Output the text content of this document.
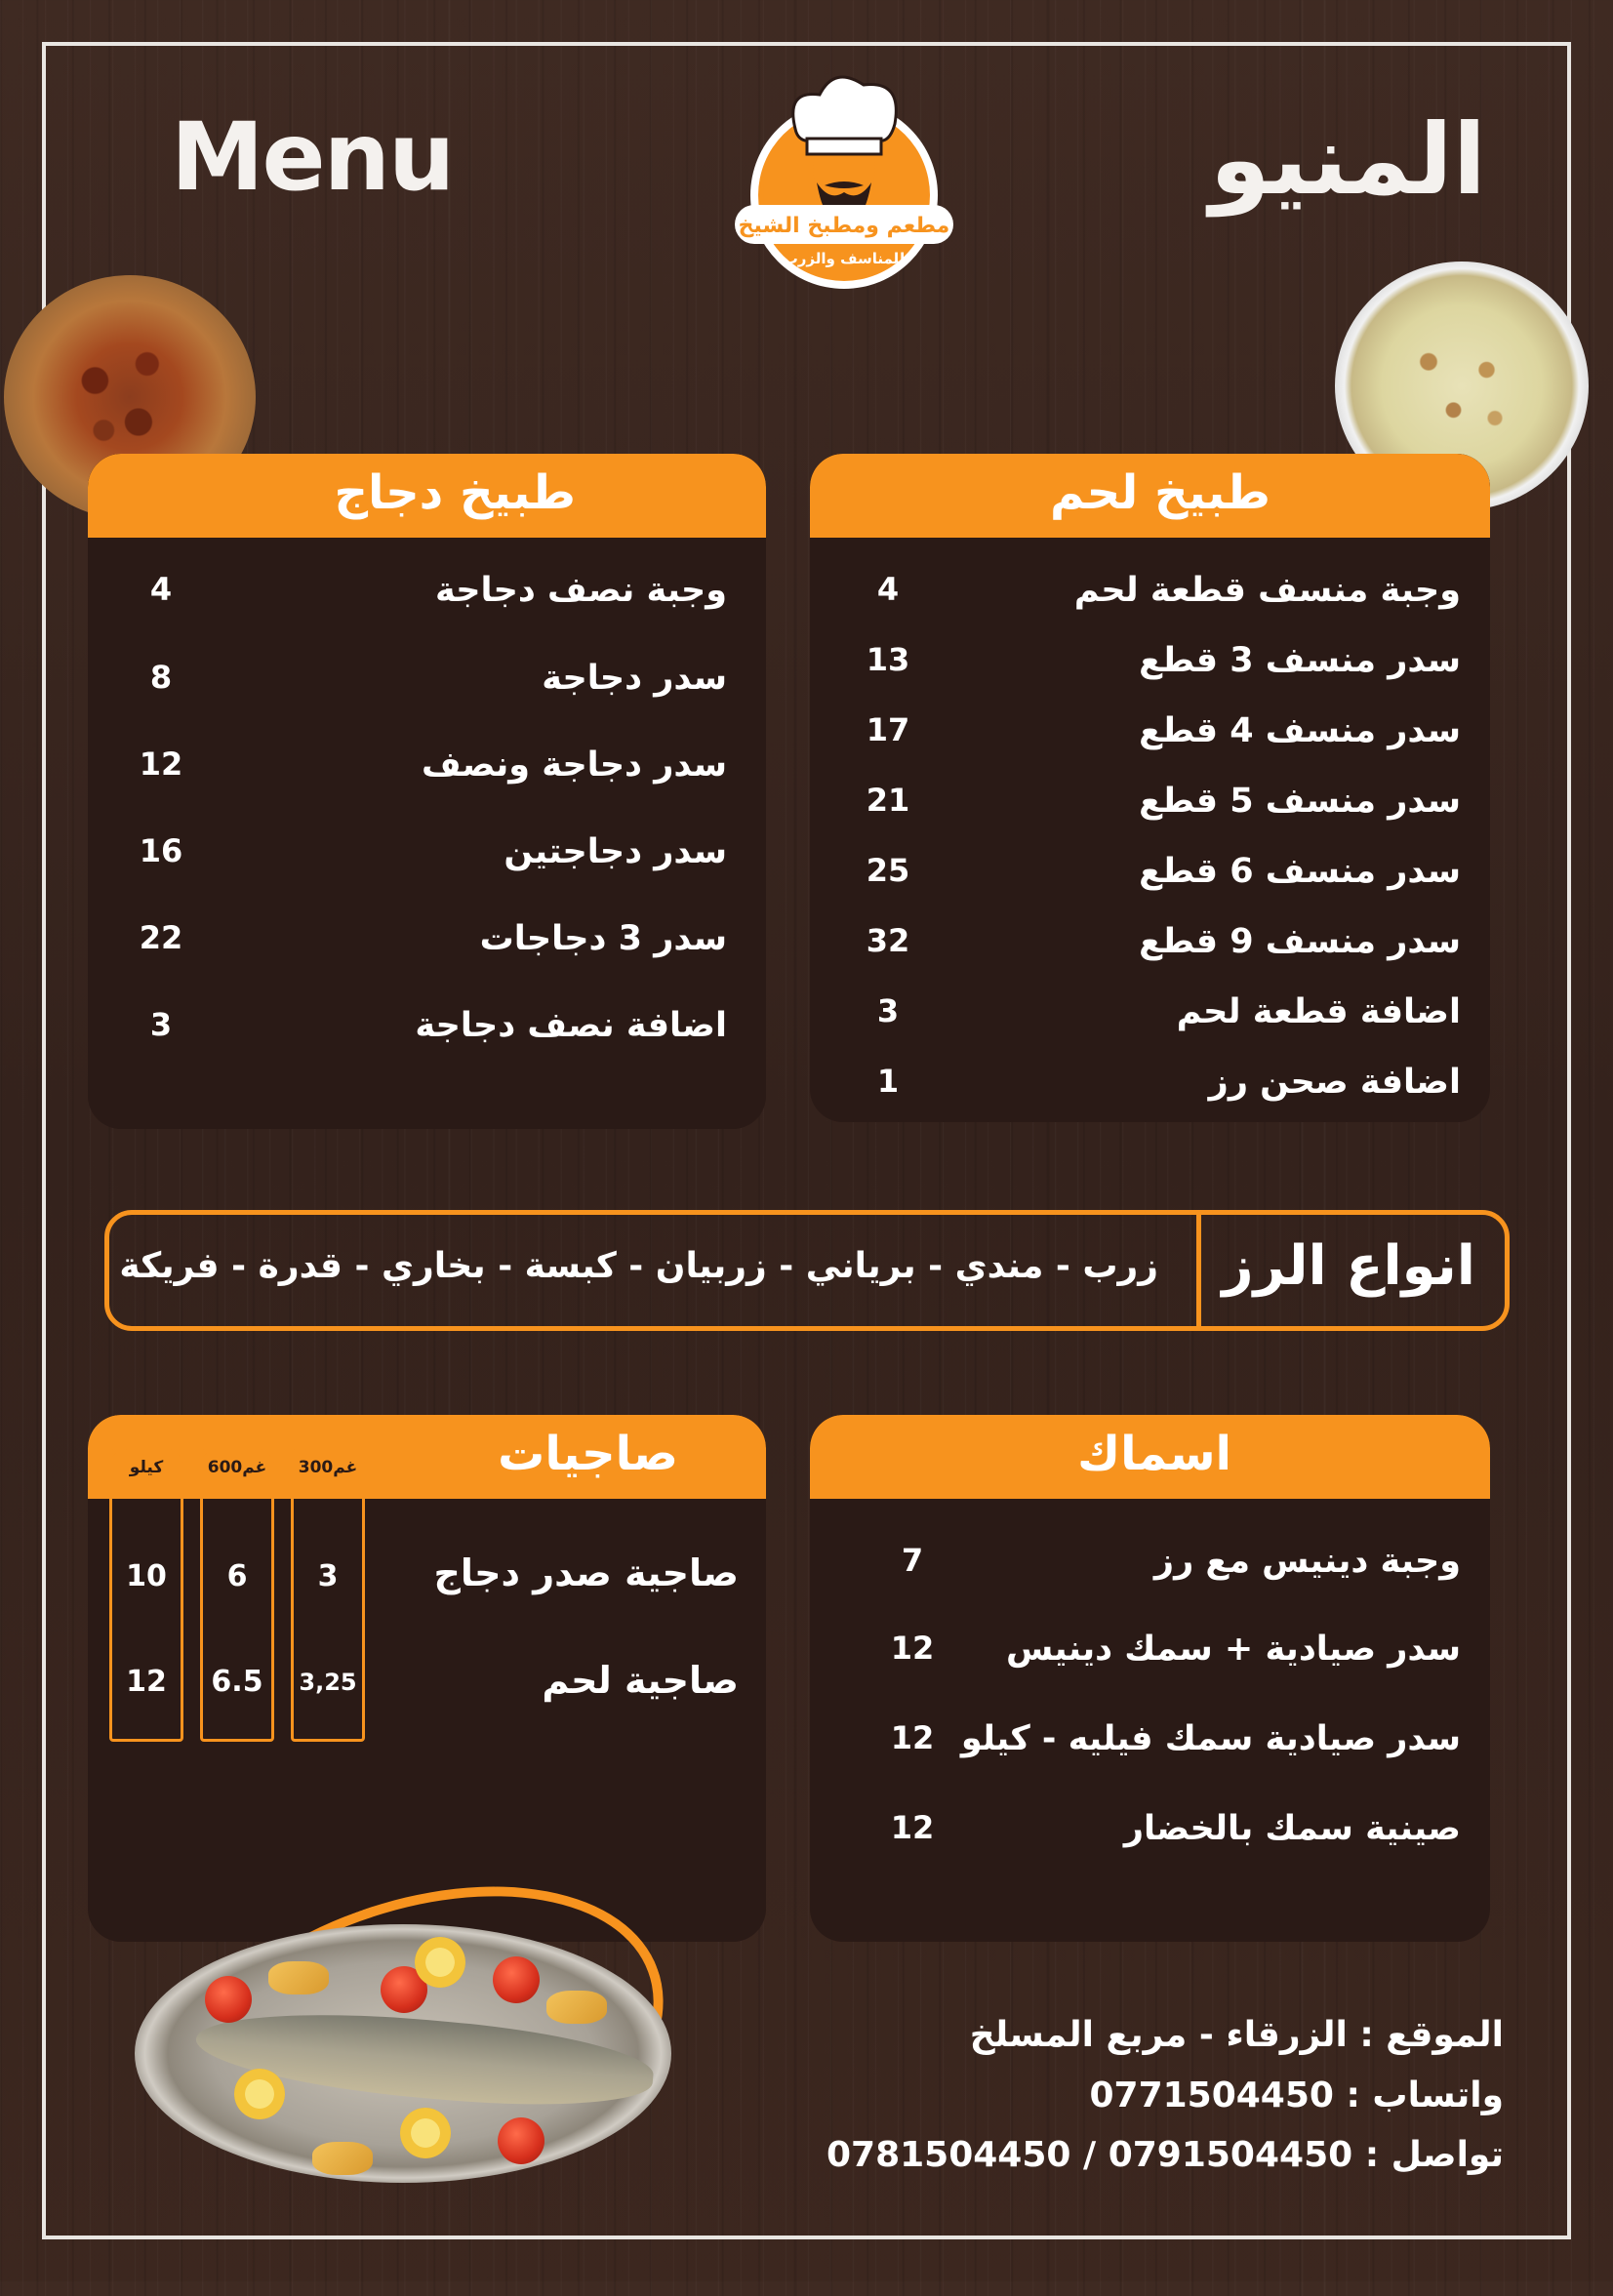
Menu	المنيو
مطعم ومطبخ الشيخ
للمناسف والزرب
طبيخ لحم
وجبة منسف قطعة لحم
4
سدر منسف 3 قطع
13
سدر منسف 4 قطع
17
سدر منسف 5 قطع
21
سدر منسف 6 قطع
25
سدر منسف 9 قطع
32
اضافة قطعة لحم
3
اضافة صحن رز
1
طبيخ دجاج
وجبة نصف دجاجة
4
سدر دجاجة
8
سدر دجاجة ونصف
12
سدر دجاجتين
16
سدر 3 دجاجات
22
اضافة نصف دجاجة
3
انواع الرز
زرب - مندي - برياني - زربيان - كبسة - بخاري - قدرة - فريكة
اسماك
وجبة دينيس مع رز
7
سدر صيادية + سمك دينيس
12
سدر صيادية سمك فيليه - كيلو
12
صينية سمك بالخضار
12
صاجيات
صاجية صدر دجاج
صاجية لحم
300غم
3
3,25
600غم
6
6.5
كيلو
10
12
الموقع : الزرقاء - مربع المسلخ
واتساب : 0771504450
تواصل : 0791504450 / 0781504450
